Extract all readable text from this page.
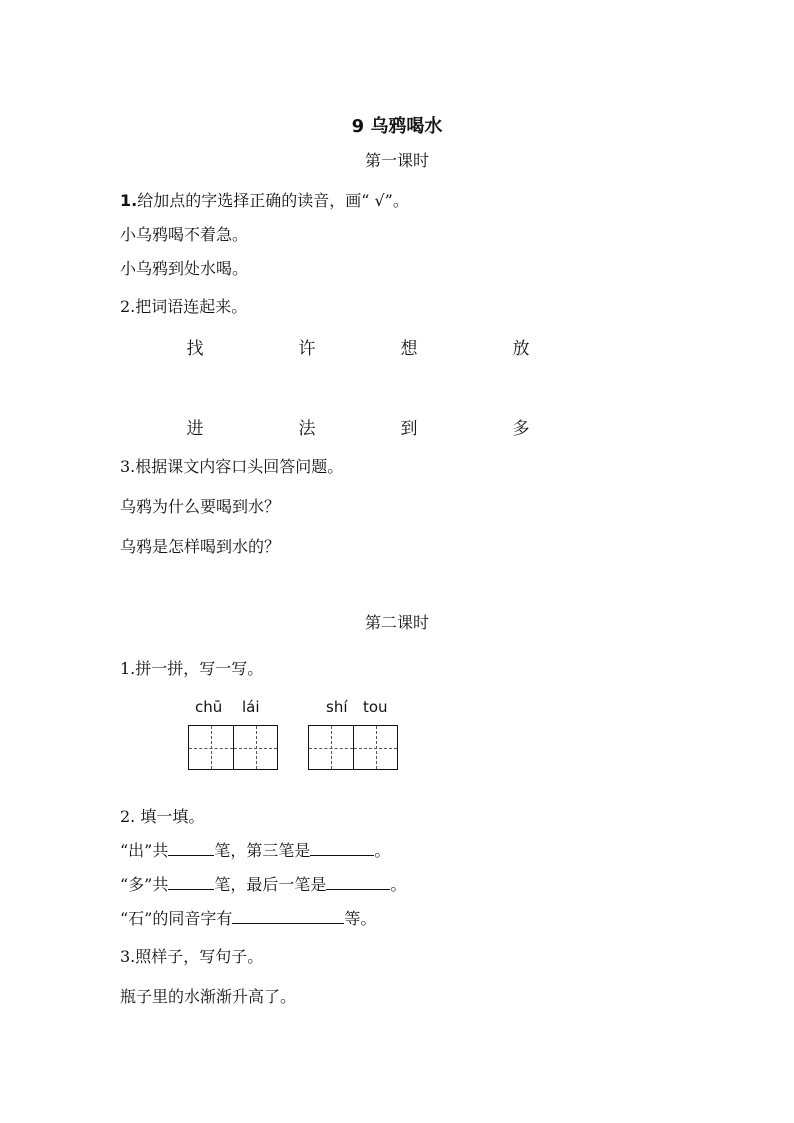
9 乌鸦喝水
第一课时
1.给加点的字选择正确的读音，画“ √”。
小乌鸦喝不着急。
小乌鸦到处水喝。
2.把词语连起来。
找	许	想	放
进	法	到	多
3.根据课文内容口头回答问题。
乌鸦为什么要喝到水？
乌鸦是怎样喝到水的？
第二课时
1.拼一拼，写一写。
chū lái	shí tou
2. 填一填。
“出”共	笔，第三笔是	。
“多”共	笔，最后一笔是	。
“石”的同音字有	等。
3.照样子，写句子。
瓶子里的水渐渐升高了。
